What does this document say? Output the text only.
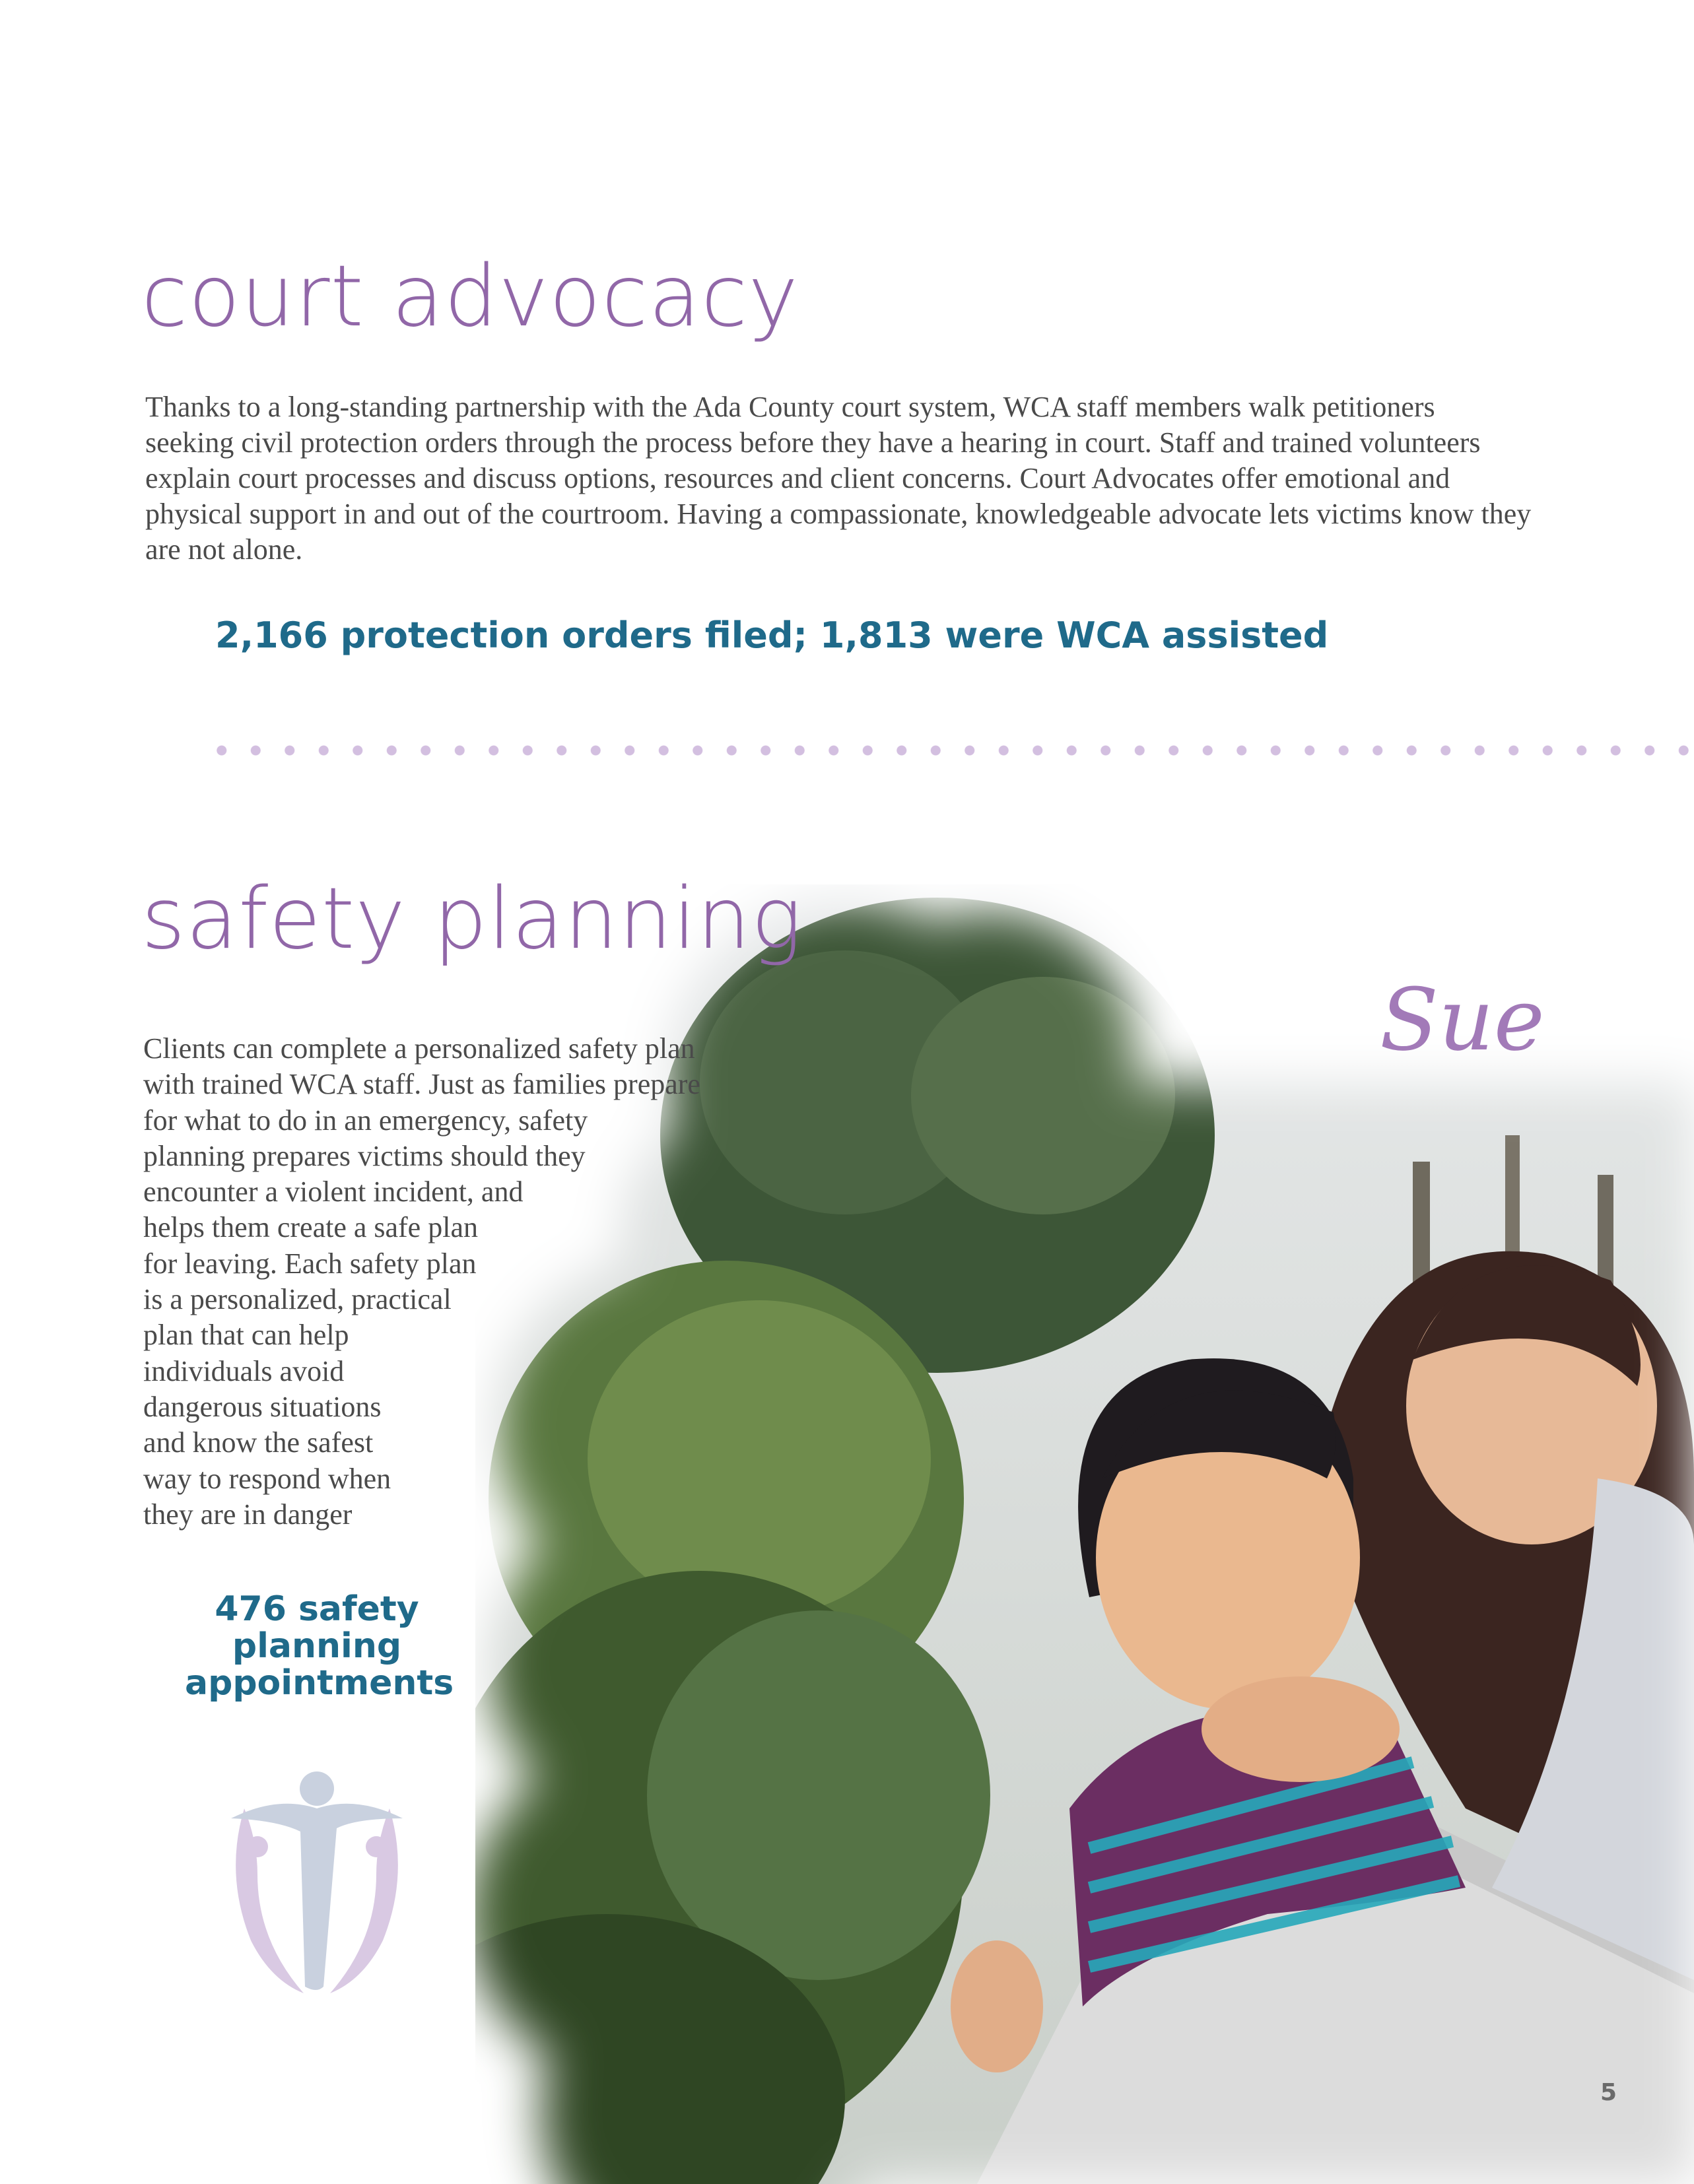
court advocacy
Thanks to a long-standing partnership with the Ada County court system, WCA staff members walk petitioners
seeking civil protection orders through the process before they have a hearing in court. Staff and trained volunteers
explain court processes and discuss options, resources and client concerns. Court Advocates offer emotional and
physical support in and out of the courtroom. Having a compassionate, knowledgeable advocate lets victims know they
are not alone.

2,166 protection orders filed; 1,813 were WCA assisted

Sue
safety planning
Clients can complete a personalized safety plan
with trained WCA staff. Just as families prepare
for what to do in an emergency, safety
planning prepares victims should they
encounter a violent incident, and
helps them create a safe plan
for leaving. Each safety plan
is a personalized, practical
plan that can help
individuals avoid
dangerous situations
and know the safest
way to respond when
they are in danger
476 safety
planning
appointments
5
